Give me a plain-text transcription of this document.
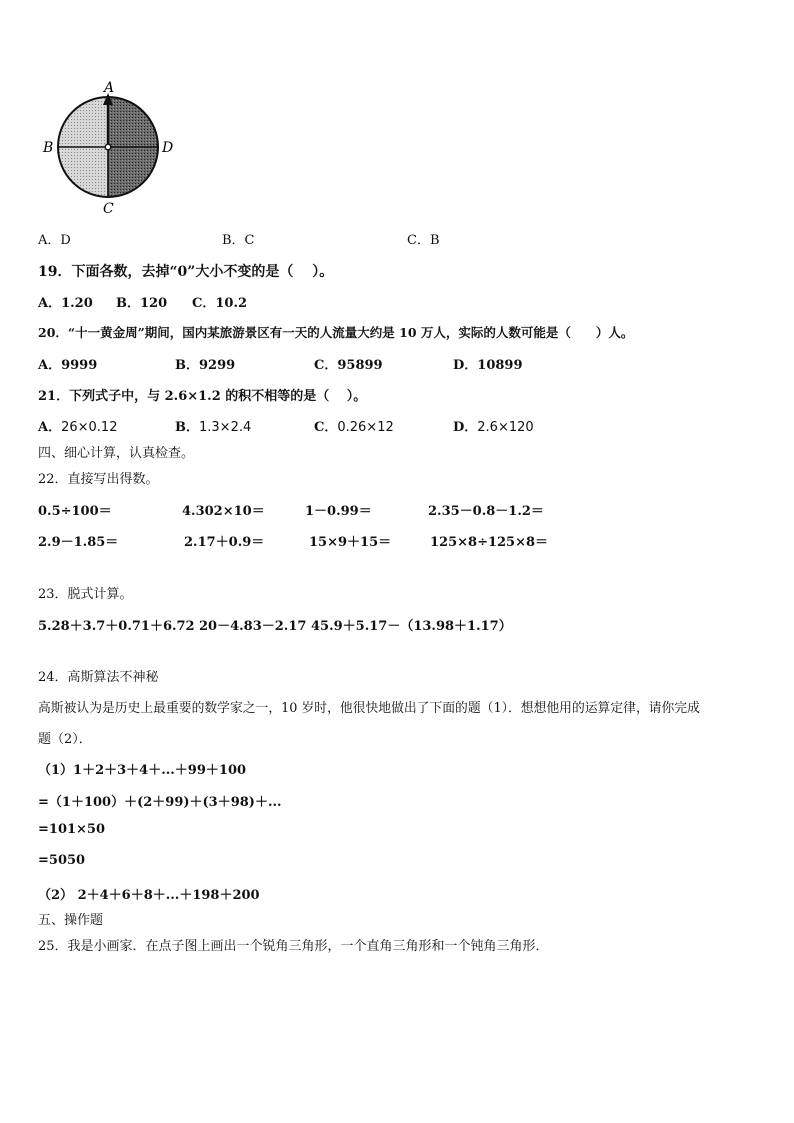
A
B	D
C
A．D	B．C	C．B
19．下面各数，去掉“0”大小不变的是（　 ）。
A．1.20 B．120 C．10.2
20．“十一黄金周”期间，国内某旅游景区有一天的人流量大约是 10 万人，实际的人数可能是（　　）人。
A．9999	B．9299	C．95899	D．10899
21．下列式子中，与 2.6×1.2 的积不相等的是（　 ）。
A．26×0.12	B．1.3×2.4	C．0.26×12	D．2.6×120
四、细心计算，认真检查。
22．直接写出得数。
0.5÷100＝	4.302×10＝	1－0.99＝	2.35－0.8－1.2＝
2.9－1.85＝	2.17＋0.9＝	15×9＋15＝	125×8÷125×8＝
23．脱式计算。
5.28＋3.7＋0.71＋6.72 20－4.83－2.17 45.9＋5.17－（13.98＋1.17）
24．高斯算法不神秘
高斯被认为是历史上最重要的数学家之一，10 岁时，他很快地做出了下面的题（1）．想想他用的运算定律，请你完成
题（2）．
（1）1＋2＋3＋4＋...＋99＋100
=（1＋100）＋(2＋99)＋(3＋98)＋...
=101×50
=5050
（2） 2＋4＋6＋8＋...＋198＋200
五、操作题
25．我是小画家．在点子图上画出一个锐角三角形，一个直角三角形和一个钝角三角形．
